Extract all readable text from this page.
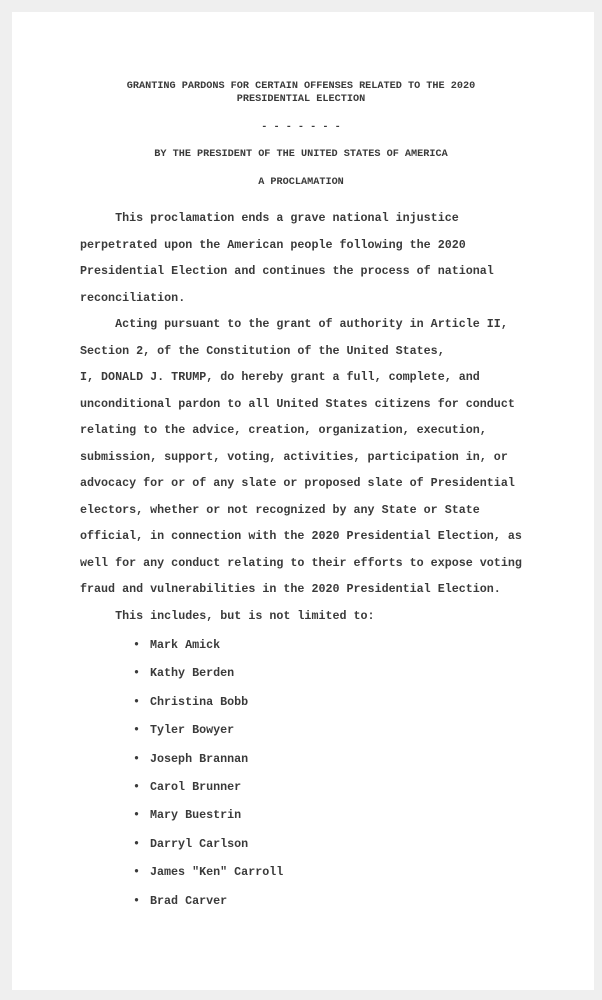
GRANTING PARDONS FOR CERTAIN OFFENSES RELATED TO THE 2020
PRESIDENTIAL ELECTION
- - - - - - -
BY THE PRESIDENT OF THE UNITED STATES OF AMERICA
A PROCLAMATION
This proclamation ends a grave national injustice
perpetrated upon the American people following the 2020
Presidential Election and continues the process of national
reconciliation.
Acting pursuant to the grant of authority in Article II,
Section 2, of the Constitution of the United States,
I, DONALD J. TRUMP, do hereby grant a full, complete, and
unconditional pardon to all United States citizens for conduct
relating to the advice, creation, organization, execution,
submission, support, voting, activities, participation in, or
advocacy for or of any slate or proposed slate of Presidential
electors, whether or not recognized by any State or State
official, in connection with the 2020 Presidential Election, as
well for any conduct relating to their efforts to expose voting
fraud and vulnerabilities in the 2020 Presidential Election.
This includes, but is not limited to:
• Mark Amick
• Kathy Berden
• Christina Bobb
• Tyler Bowyer
• Joseph Brannan
• Carol Brunner
• Mary Buestrin
• Darryl Carlson
• James "Ken" Carroll
• Brad Carver
